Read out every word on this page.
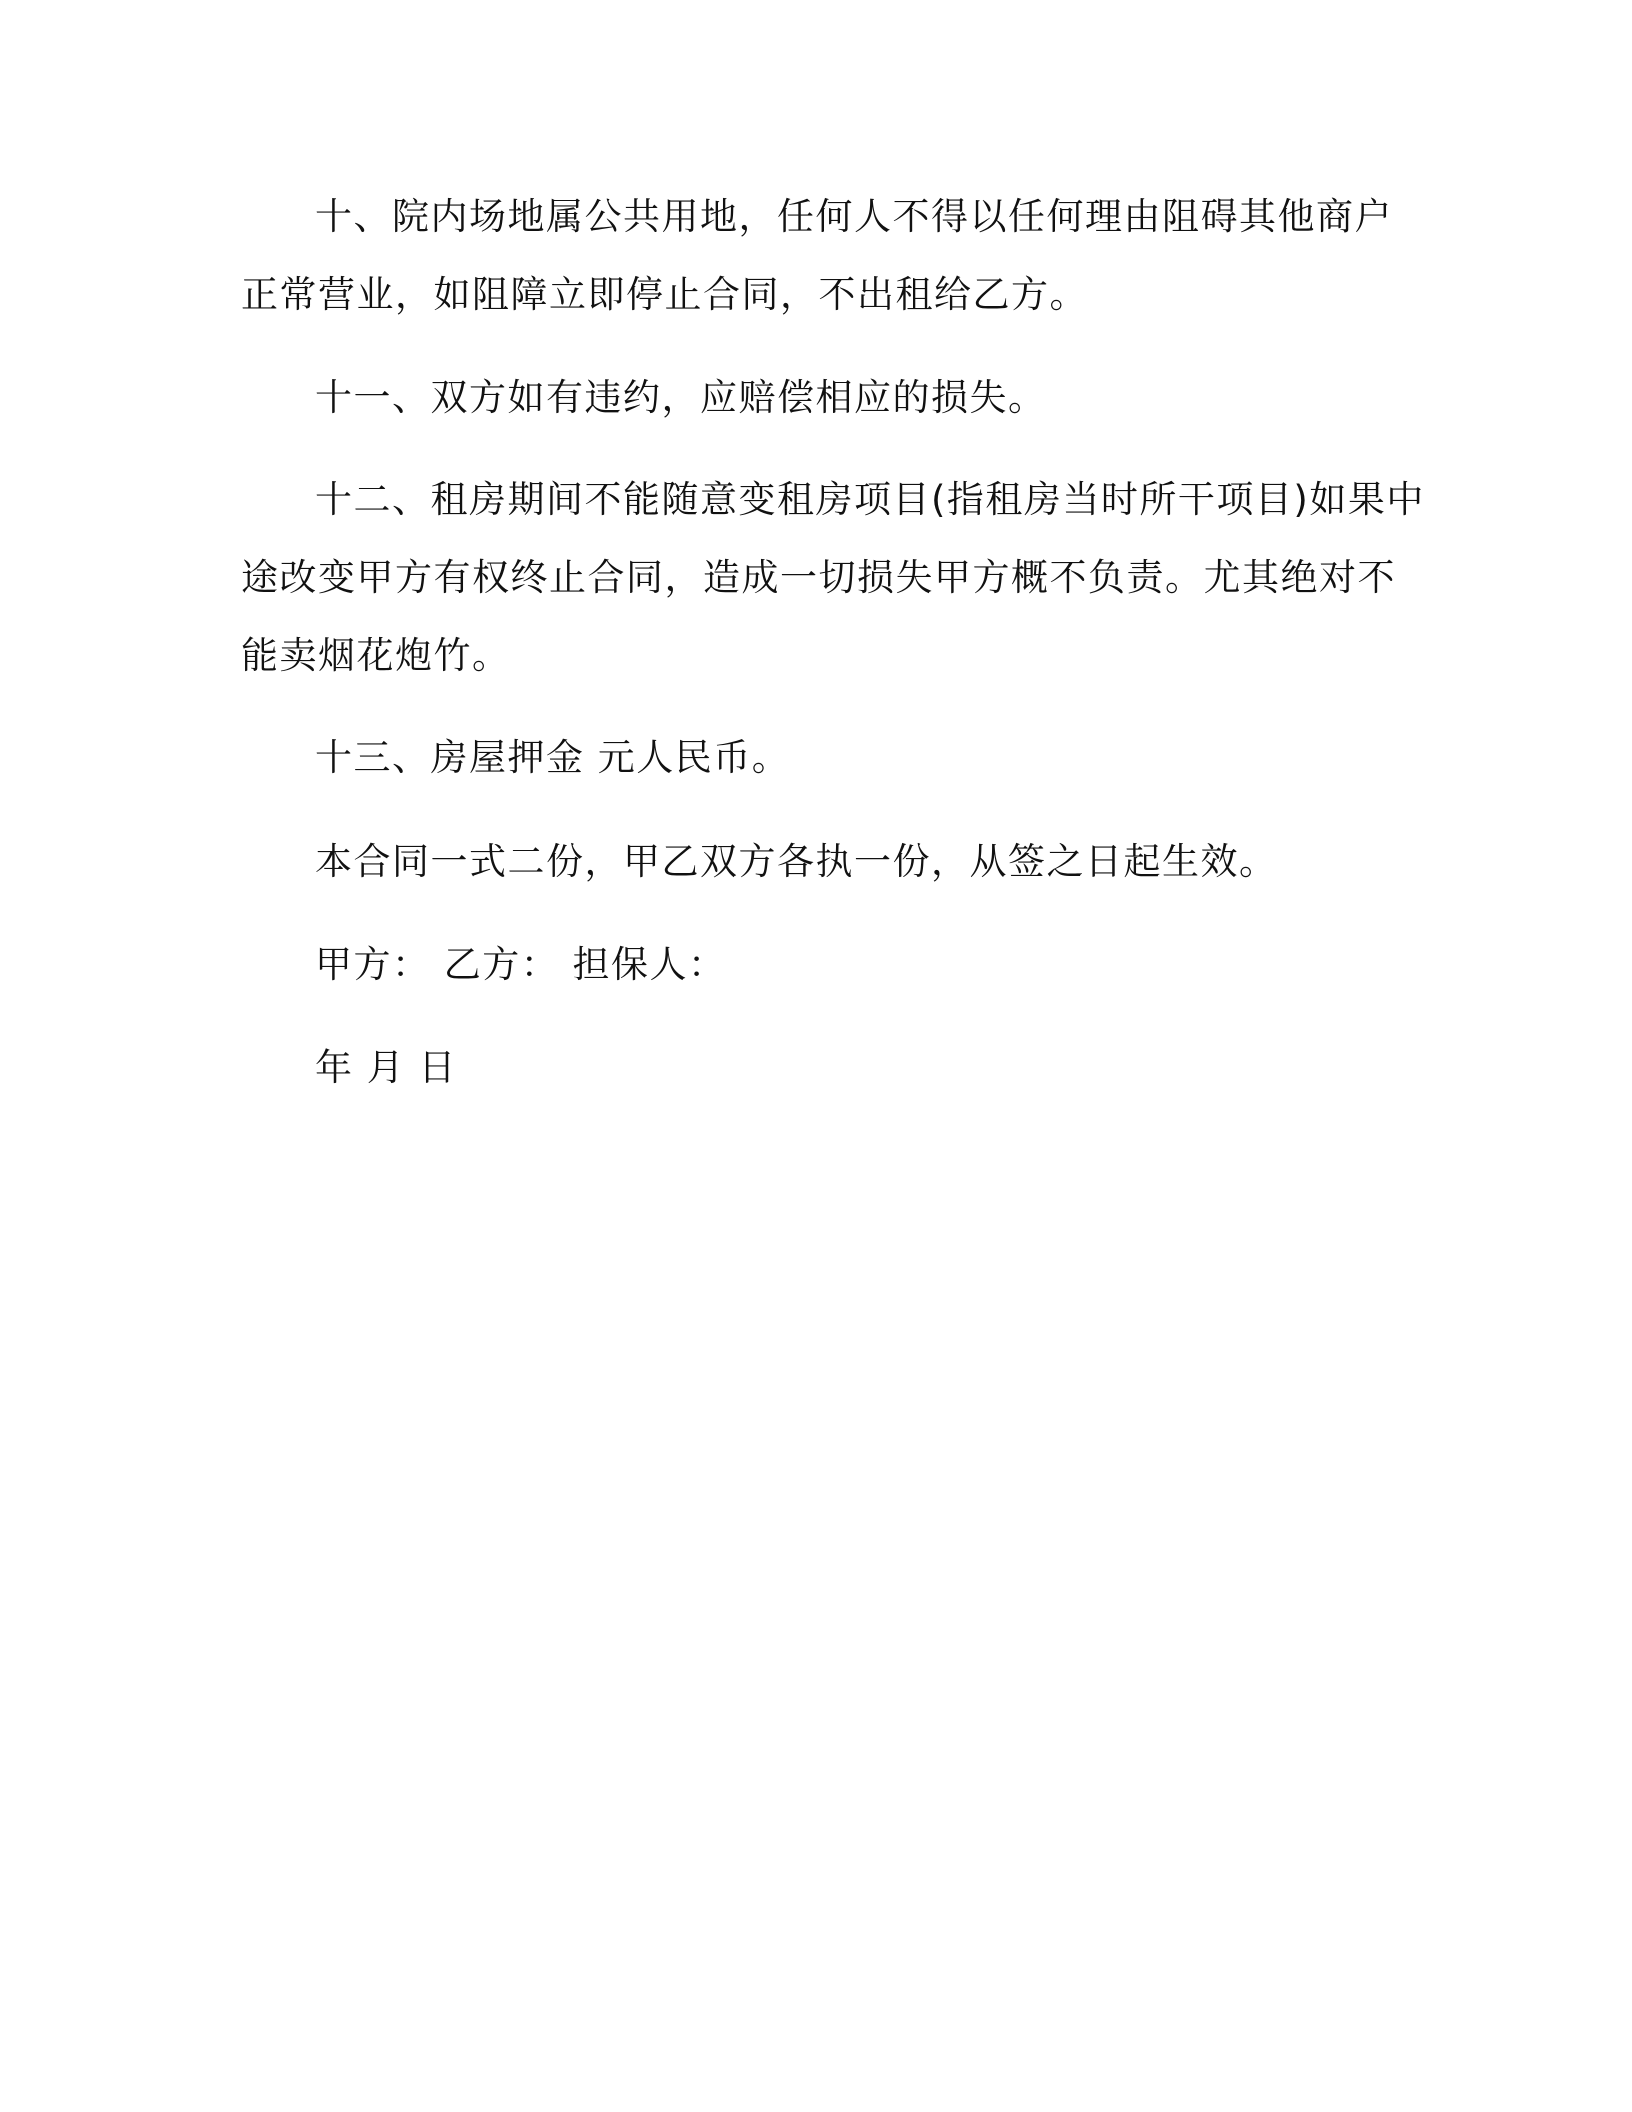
十、院内场地属公共用地，任何人不得以任何理由阻碍其他商户
正常营业，如阻障立即停止合同，不出租给乙方。
十一、双方如有违约，应赔偿相应的损失。
十二、租房期间不能随意变租房项目(指租房当时所干项目)如果中
途改变甲方有权终止合同，造成一切损失甲方概不负责。尤其绝对不
能卖烟花炮竹。
十三、房屋押金 元人民币。
本合同一式二份，甲乙双方各执一份，从签之日起生效。
甲方： 乙方： 担保人：
年 月 日
